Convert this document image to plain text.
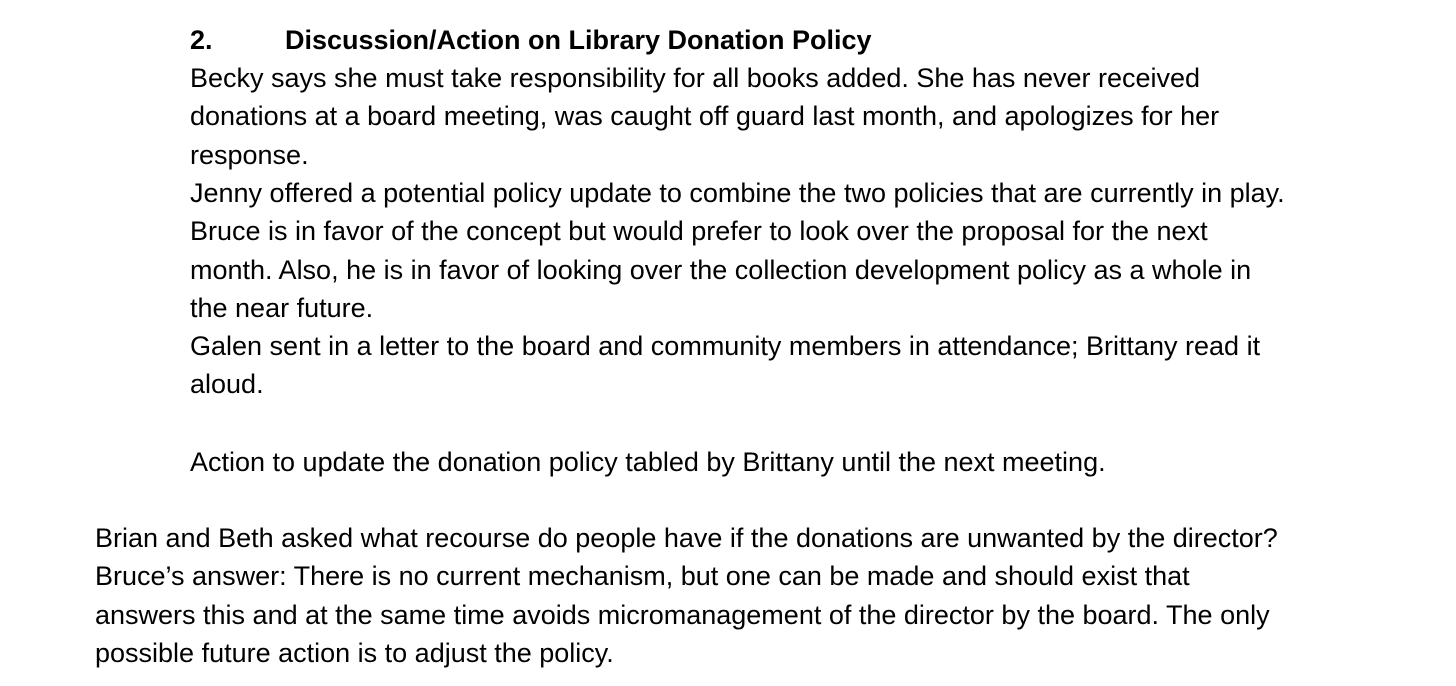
2.	Discussion/Action on Library Donation Policy
Becky says she must take responsibility for all books added. She has never received
donations at a board meeting, was caught off guard last month, and apologizes for her
response.
Jenny offered a potential policy update to combine the two policies that are currently in play.
Bruce is in favor of the concept but would prefer to look over the proposal for the next
month. Also, he is in favor of looking over the collection development policy as a whole in
the near future.
Galen sent in a letter to the board and community members in attendance; Brittany read it
aloud.
Action to update the donation policy tabled by Brittany until the next meeting.
Brian and Beth asked what recourse do people have if the donations are unwanted by the director?
Bruce’s answer: There is no current mechanism, but one can be made and should exist that
answers this and at the same time avoids micromanagement of the director by the board. The only
possible future action is to adjust the policy.
